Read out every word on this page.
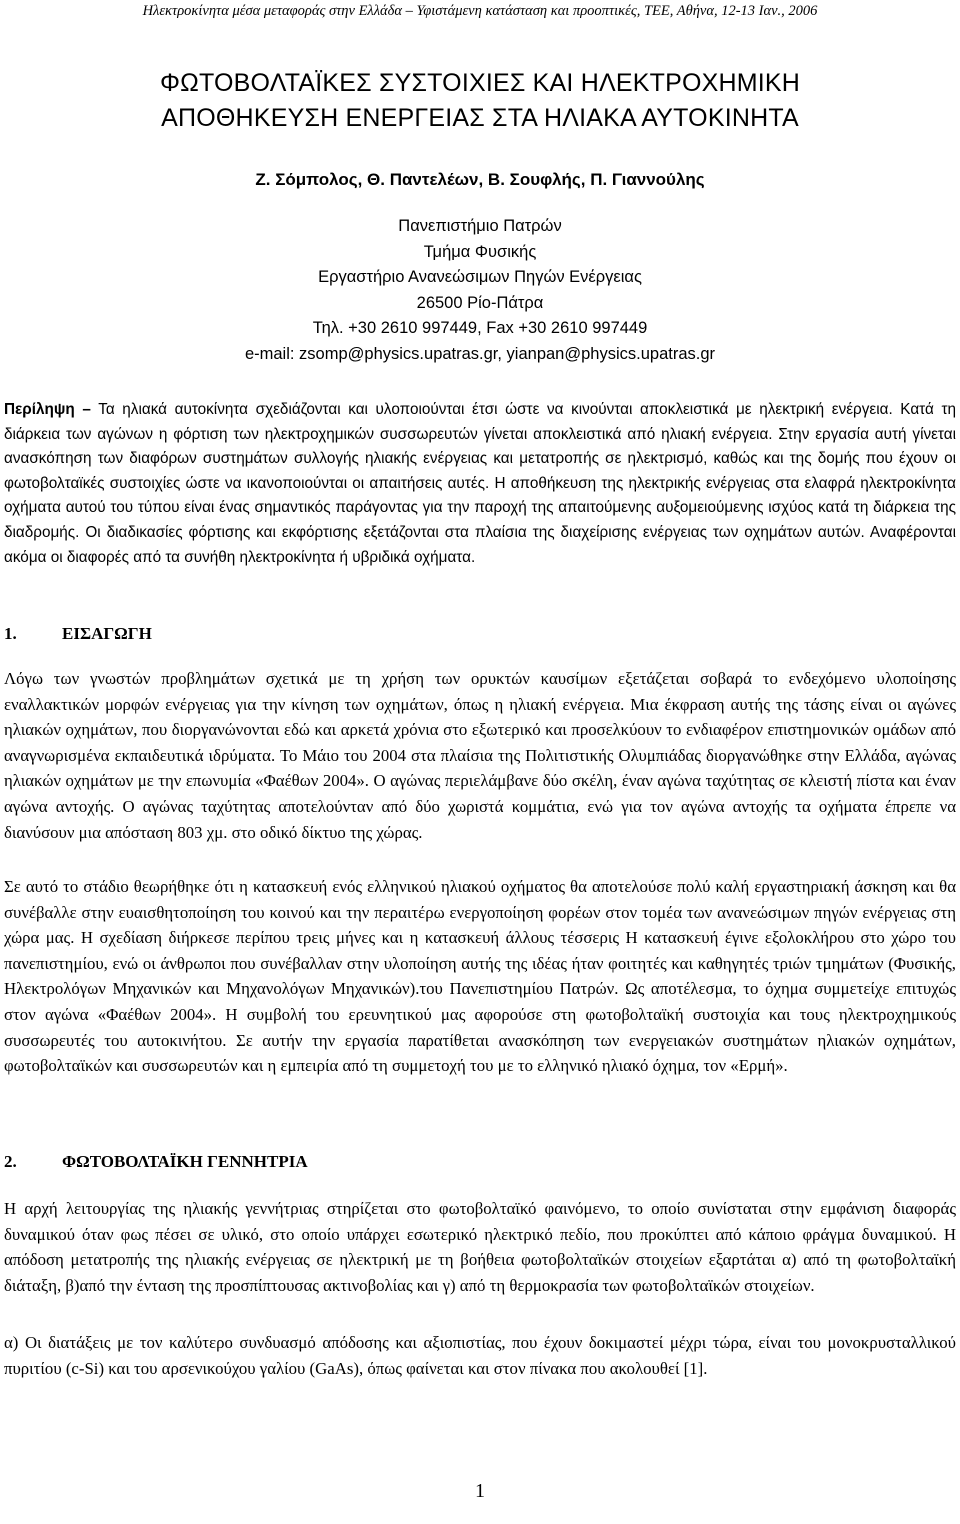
Ηλεκτροκίνητα μέσα μεταφοράς στην Ελλάδα – Υφιστάμενη κατάσταση και προοπτικές, ΤΕΕ, Αθήνα, 12-13 Ιαν., 2006
ΦΩΤΟΒΟΛΤΑΪΚΕΣ ΣΥΣΤΟΙΧΙΕΣ ΚΑΙ ΗΛΕΚΤΡΟΧΗΜΙΚΗ
ΑΠΟΘΗΚΕΥΣΗ ΕΝΕΡΓΕΙΑΣ ΣΤΑ ΗΛΙΑΚΑ ΑΥΤΟΚΙΝΗΤΑ
Ζ. Σόμπολος, Θ. Παντελέων, Β. Σουφλής, Π. Γιαννούλης
Πανεπιστήμιο Πατρών
Τμήμα Φυσικής
Εργαστήριο Ανανεώσιμων Πηγών Ενέργειας
26500 Ρίο-Πάτρα
Τηλ. +30 2610 997449, Fax +30 2610 997449
e-mail: zsomp@physics.upatras.gr, yianpan@physics.upatras.gr
Περίληψη – Τα ηλιακά αυτοκίνητα σχεδιάζονται και υλοποιούνται έτσι ώστε να κινούνται αποκλειστικά με ηλεκτρική ενέργεια. Κατά τη διάρκεια των αγώνων η φόρτιση των ηλεκτροχημικών συσσωρευτών γίνεται αποκλειστικά από ηλιακή ενέργεια. Στην εργασία αυτή γίνεται ανασκόπηση των διαφόρων συστημάτων συλλογής ηλιακής ενέργειας και μετατροπής σε ηλεκτρισμό, καθώς και της δομής που έχουν οι φωτοβολταϊκές συστοιχίες ώστε να ικανοποιούνται οι απαιτήσεις αυτές. Η αποθήκευση της ηλεκτρικής ενέργειας στα ελαφρά ηλεκτροκίνητα οχήματα αυτού του τύπου είναι ένας σημαντικός παράγοντας για την παροχή της απαιτούμενης αυξομειούμενης ισχύος κατά τη διάρκεια της διαδρομής. Οι διαδικασίες φόρτισης και εκφόρτισης εξετάζονται στα πλαίσια της διαχείρισης ενέργειας των οχημάτων αυτών. Αναφέρονται ακόμα οι διαφορές από τα συνήθη ηλεκτροκίνητα ή υβριδικά οχήματα.
1.	ΕΙΣΑΓΩΓΗ
Λόγω των γνωστών προβλημάτων σχετικά με τη χρήση των ορυκτών καυσίμων εξετάζεται σοβαρά το ενδεχόμενο υλοποίησης εναλλακτικών μορφών ενέργειας για την κίνηση των οχημάτων, όπως η ηλιακή ενέργεια. Μια έκφραση αυτής της τάσης είναι οι αγώνες ηλιακών οχημάτων, που διοργανώνονται εδώ και αρκετά χρόνια στο εξωτερικό και προσελκύουν το ενδιαφέρον επιστημονικών ομάδων από αναγνωρισμένα εκπαιδευτικά ιδρύματα. Το Μάιο του 2004 στα πλαίσια της Πολιτιστικής Ολυμπιάδας διοργανώθηκε στην Ελλάδα, αγώνας ηλιακών οχημάτων με την επωνυμία «Φαέθων 2004». Ο αγώνας περιελάμβανε δύο σκέλη, έναν αγώνα ταχύτητας σε κλειστή πίστα και έναν αγώνα αντοχής. Ο αγώνας ταχύτητας αποτελούνταν από δύο χωριστά κομμάτια, ενώ για τον αγώνα αντοχής τα οχήματα έπρεπε να διανύσουν μια απόσταση 803 χμ. στο οδικό δίκτυο της χώρας.
Σε αυτό το στάδιο θεωρήθηκε ότι η κατασκευή ενός ελληνικού ηλιακού οχήματος θα αποτελούσε πολύ καλή εργαστηριακή άσκηση και θα συνέβαλλε στην ευαισθητοποίηση του κοινού και την περαιτέρω ενεργοποίηση φορέων στον τομέα των ανανεώσιμων πηγών ενέργειας στη χώρα μας. Η σχεδίαση διήρκεσε περίπου τρεις μήνες και η κατασκευή άλλους τέσσερις Η κατασκευή έγινε εξολοκλήρου στο χώρο του πανεπιστημίου, ενώ οι άνθρωποι που συνέβαλλαν στην υλοποίηση αυτής της ιδέας ήταν φοιτητές και καθηγητές τριών τμημάτων (Φυσικής, Ηλεκτρολόγων Μηχανικών και Μηχανολόγων Μηχανικών).του Πανεπιστημίου Πατρών. Ως αποτέλεσμα, το όχημα συμμετείχε επιτυχώς στον αγώνα «Φαέθων 2004». Η συμβολή του ερευνητικού μας αφορούσε στη φωτοβολταϊκή συστοιχία και τους ηλεκτροχημικούς συσσωρευτές του αυτοκινήτου. Σε αυτήν την εργασία παρατίθεται ανασκόπηση των ενεργειακών συστημάτων ηλιακών οχημάτων, φωτοβολταϊκών και συσσωρευτών και η εμπειρία από τη συμμετοχή του με το ελληνικό ηλιακό όχημα, τον «Ερμή».
2.	ΦΩΤΟΒΟΛΤΑΪΚΗ ΓΕΝΝΗΤΡΙΑ
Η αρχή λειτουργίας της ηλιακής γεννήτριας στηρίζεται στο φωτοβολταϊκό φαινόμενο, το οποίο συνίσταται στην εμφάνιση διαφοράς δυναμικού όταν φως πέσει σε υλικό, στο οποίο υπάρχει εσωτερικό ηλεκτρικό πεδίο, που προκύπτει από κάποιο φράγμα δυναμικού. Η απόδοση μετατροπής της ηλιακής ενέργειας σε ηλεκτρική με τη βοήθεια φωτοβολταϊκών στοιχείων εξαρτάται α) από τη φωτοβολταϊκή διάταξη, β)από την ένταση της προσπίπτουσας ακτινοβολίας και γ) από τη θερμοκρασία των φωτοβολταϊκών στοιχείων.
α) Οι διατάξεις με τον καλύτερο συνδυασμό απόδοσης και αξιοπιστίας, που έχουν δοκιμαστεί μέχρι τώρα, είναι του μονοκρυσταλλικού πυριτίου (c-Si) και του αρσενικούχου γαλίου (GaAs), όπως φαίνεται και στον πίνακα που ακολουθεί [1].
1
